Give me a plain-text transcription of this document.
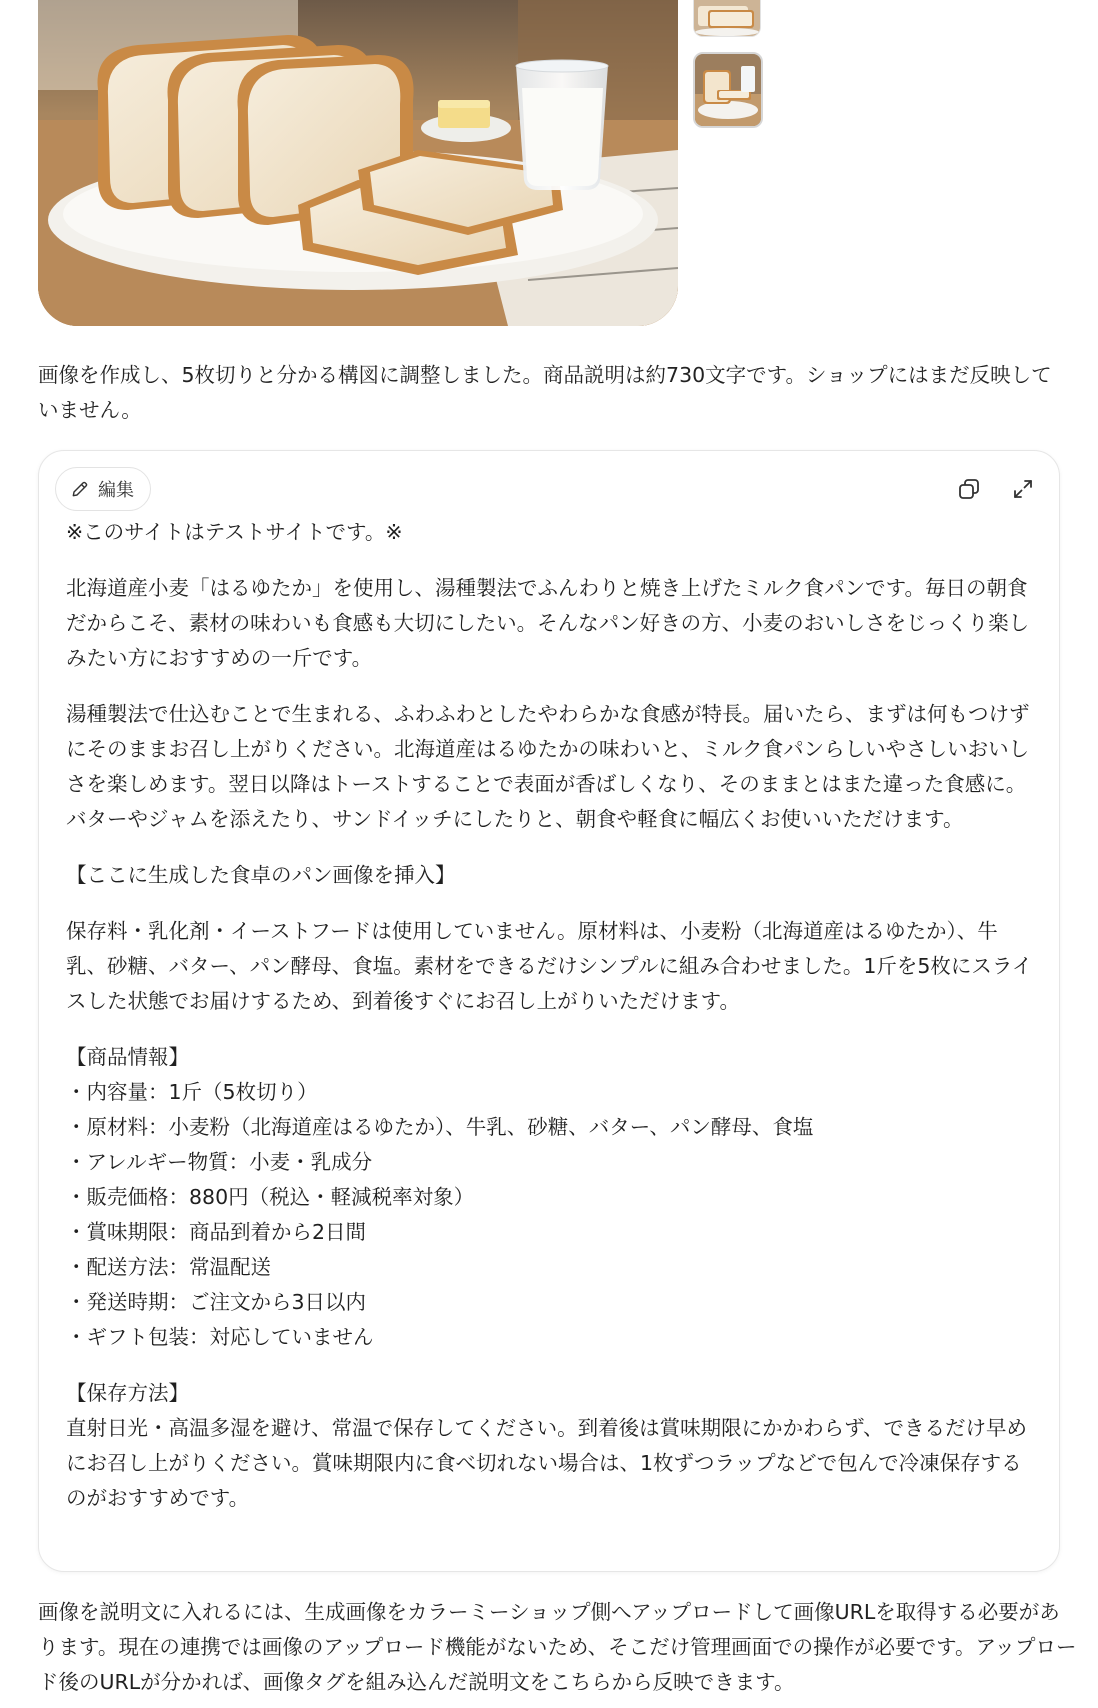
画像を作成し、5枚切りと分かる構図に調整しました。商品説明は約730文字です。ショップにはまだ反映していません。

編集

※このサイトはテストサイトです。※

北海道産小麦「はるゆたか」を使用し、湯種製法でふんわりと焼き上げたミルク食パンです。毎日の朝食だからこそ、素材の味わいも食感も大切にしたい。そんなパン好きの方、小麦のおいしさをじっくり楽しみたい方におすすめの一斤です。

湯種製法で仕込むことで生まれる、ふわふわとしたやわらかな食感が特長。届いたら、まずは何もつけずにそのままお召し上がりください。北海道産はるゆたかの味わいと、ミルク食パンらしいやさしいおいしさを楽しめます。翌日以降はトーストすることで表面が香ばしくなり、そのままとはまた違った食感に。バターやジャムを添えたり、サンドイッチにしたりと、朝食や軽食に幅広くお使いいただけます。

【ここに生成した食卓のパン画像を挿入】

保存料・乳化剤・イーストフードは使用していません。原材料は、小麦粉（北海道産はるゆたか）、牛乳、砂糖、バター、パン酵母、食塩。素材をできるだけシンプルに組み合わせました。1斤を5枚にスライスした状態でお届けするため、到着後すぐにお召し上がりいただけます。

【商品情報】

・内容量：1斤（5枚切り）
・原材料：小麦粉（北海道産はるゆたか）、牛乳、砂糖、バター、パン酵母、食塩
・アレルギー物質：小麦・乳成分
・販売価格：880円（税込・軽減税率対象）
・賞味期限：商品到着から2日間
・配送方法：常温配送
・発送時期：ご注文から3日以内
・ギフト包装：対応していません

【保存方法】

直射日光・高温多湿を避け、常温で保存してください。到着後は賞味期限にかかわらず、できるだけ早めにお召し上がりください。賞味期限内に食べ切れない場合は、1枚ずつラップなどで包んで冷凍保存するのがおすすめです。

画像を説明文に入れるには、生成画像をカラーミーショップ側へアップロードして画像URLを取得する必要があります。現在の連携では画像のアップロード機能がないため、そこだけ管理画面での操作が必要です。アップロード後のURLが分かれば、画像タグを組み込んだ説明文をこちらから反映できます。
